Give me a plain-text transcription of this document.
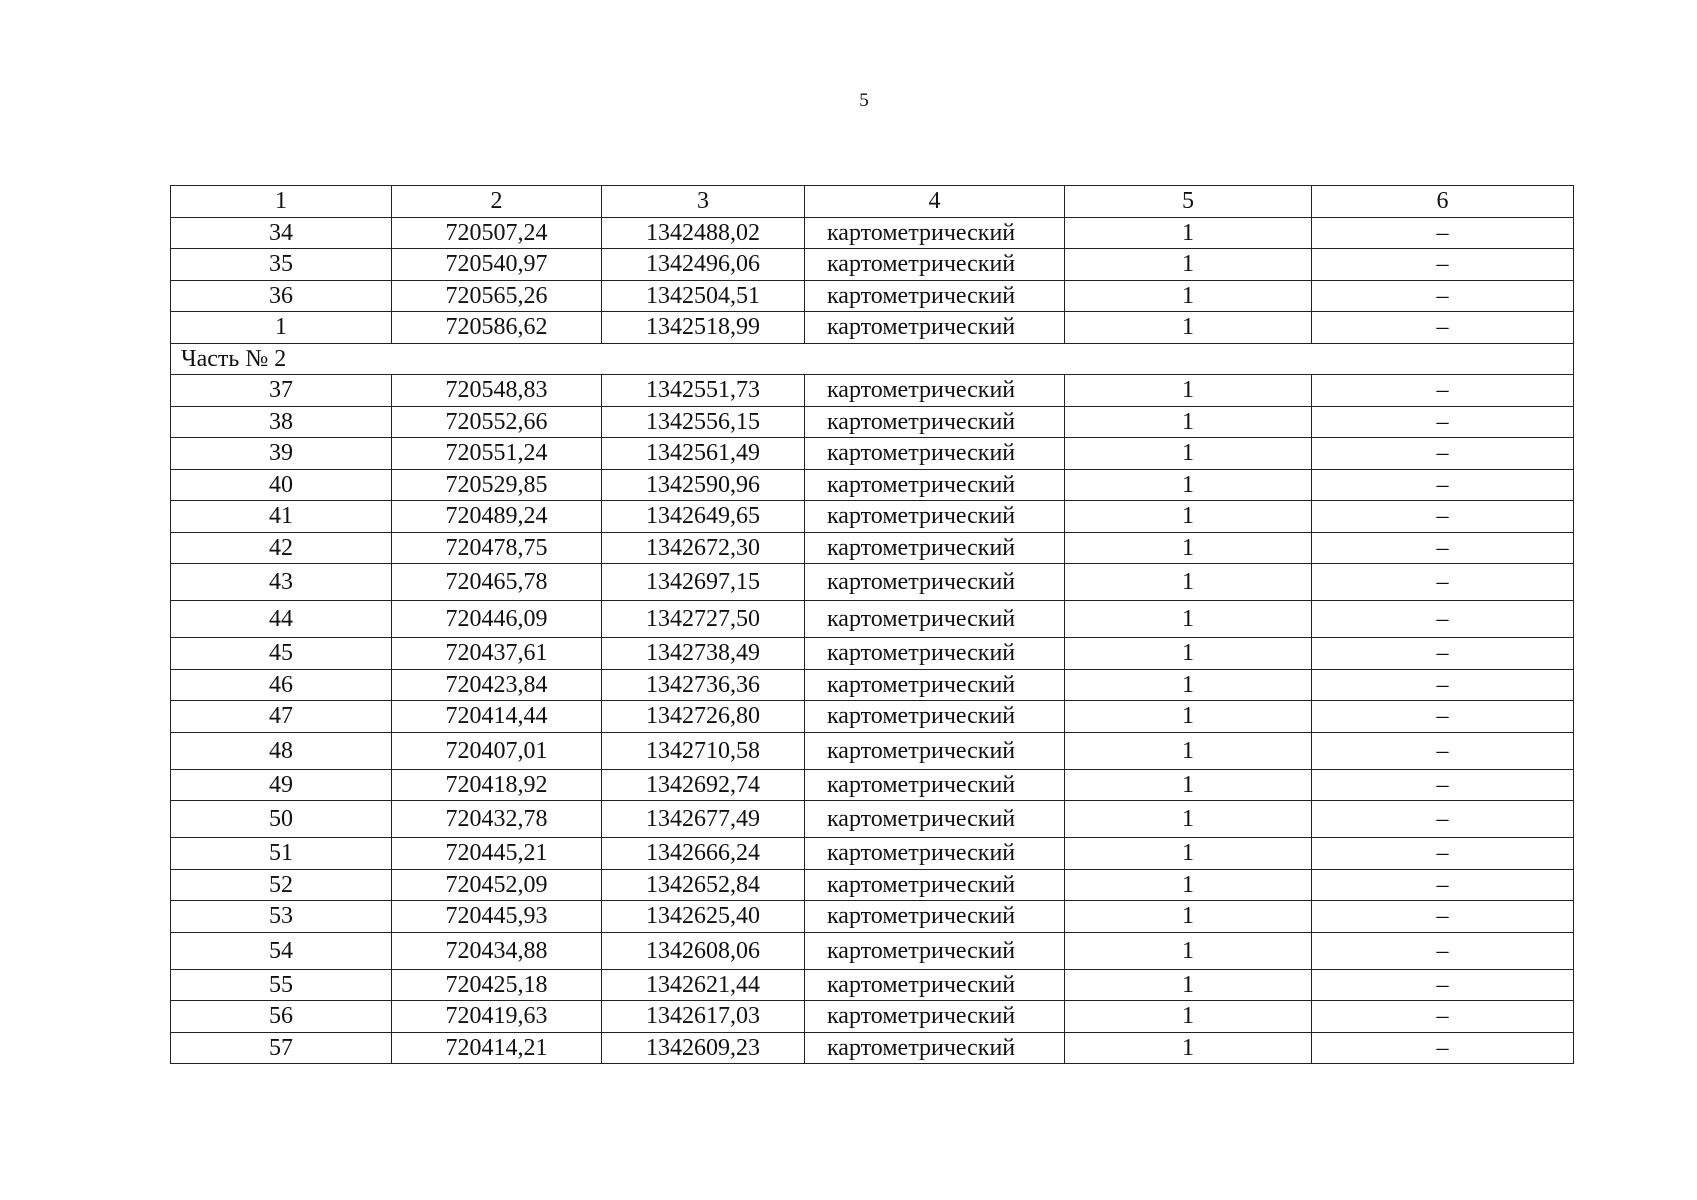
5
1	2	3	4	5	6
34	720507,24	1342488,02	картометрический	1	–
35	720540,97	1342496,06	картометрический	1	–
36	720565,26	1342504,51	картометрический	1	–
1	720586,62	1342518,99	картометрический	1	–
Часть № 2					
37	720548,83	1342551,73	картометрический	1	–
38	720552,66	1342556,15	картометрический	1	–
39	720551,24	1342561,49	картометрический	1	–
40	720529,85	1342590,96	картометрический	1	–
41	720489,24	1342649,65	картометрический	1	–
42	720478,75	1342672,30	картометрический	1	–
43	720465,78	1342697,15	картометрический	1	–
44	720446,09	1342727,50	картометрический	1	–
45	720437,61	1342738,49	картометрический	1	–
46	720423,84	1342736,36	картометрический	1	–
47	720414,44	1342726,80	картометрический	1	–
48	720407,01	1342710,58	картометрический	1	–
49	720418,92	1342692,74	картометрический	1	–
50	720432,78	1342677,49	картометрический	1	–
51	720445,21	1342666,24	картометрический	1	–
52	720452,09	1342652,84	картометрический	1	–
53	720445,93	1342625,40	картометрический	1	–
54	720434,88	1342608,06	картометрический	1	–
55	720425,18	1342621,44	картометрический	1	–
56	720419,63	1342617,03	картометрический	1	–
57	720414,21	1342609,23	картометрический	1	–
